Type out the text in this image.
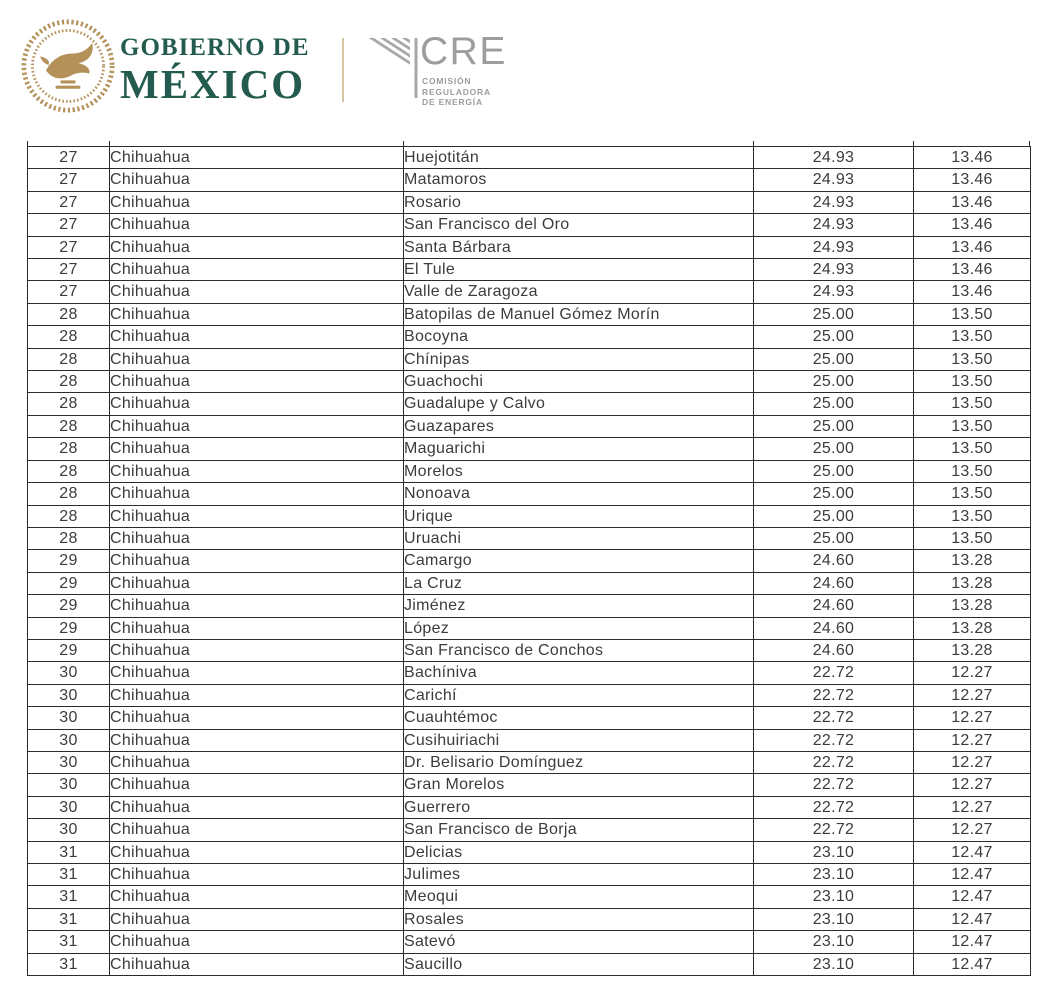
GOBIERNO DE
MÉXICO
CRE
COMISIÓN
REGULADORA
DE ENERGÍA
27	Chihuahua	Huejotitán	24.93	13.46
27	Chihuahua	Matamoros	24.93	13.46
27	Chihuahua	Rosario	24.93	13.46
27	Chihuahua	San Francisco del Oro	24.93	13.46
27	Chihuahua	Santa Bárbara	24.93	13.46
27	Chihuahua	El Tule	24.93	13.46
27	Chihuahua	Valle de Zaragoza	24.93	13.46
28	Chihuahua	Batopilas de Manuel Gómez Morín	25.00	13.50
28	Chihuahua	Bocoyna	25.00	13.50
28	Chihuahua	Chínipas	25.00	13.50
28	Chihuahua	Guachochi	25.00	13.50
28	Chihuahua	Guadalupe y Calvo	25.00	13.50
28	Chihuahua	Guazapares	25.00	13.50
28	Chihuahua	Maguarichi	25.00	13.50
28	Chihuahua	Morelos	25.00	13.50
28	Chihuahua	Nonoava	25.00	13.50
28	Chihuahua	Urique	25.00	13.50
28	Chihuahua	Uruachi	25.00	13.50
29	Chihuahua	Camargo	24.60	13.28
29	Chihuahua	La Cruz	24.60	13.28
29	Chihuahua	Jiménez	24.60	13.28
29	Chihuahua	López	24.60	13.28
29	Chihuahua	San Francisco de Conchos	24.60	13.28
30	Chihuahua	Bachíniva	22.72	12.27
30	Chihuahua	Carichí	22.72	12.27
30	Chihuahua	Cuauhtémoc	22.72	12.27
30	Chihuahua	Cusihuiriachi	22.72	12.27
30	Chihuahua	Dr. Belisario Domínguez	22.72	12.27
30	Chihuahua	Gran Morelos	22.72	12.27
30	Chihuahua	Guerrero	22.72	12.27
30	Chihuahua	San Francisco de Borja	22.72	12.27
31	Chihuahua	Delicias	23.10	12.47
31	Chihuahua	Julimes	23.10	12.47
31	Chihuahua	Meoqui	23.10	12.47
31	Chihuahua	Rosales	23.10	12.47
31	Chihuahua	Satevó	23.10	12.47
31	Chihuahua	Saucillo	23.10	12.47
